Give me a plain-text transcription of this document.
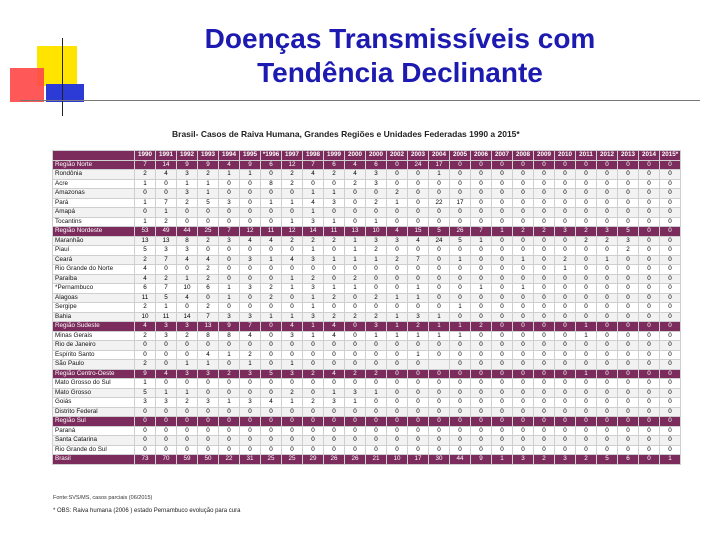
Doenças Transmissíveis com
Tendência Declinante
Brasil- Casos de Raiva Humana, Grandes Regiões e Unidades Federadas 1990 a 2015*
	1990	1991	1992	1993	1994	1995	*1996	1997	1998	1999	2000	2000	2002	2003	2004	2005	2006	2007	2008	2009	2010	2011	2012	2013	2014	2015*
Região Norte	7	14	9	9	4	9	6	12	7	6	4	6	0	24	17	0	0	0	0	0	0	0	0	0	0	0
Rondônia	2	4	3	2	1	1	0	2	4	2	4	3	0	0	1	0	0	0	0	0	0	0	0	0	0	0
Acre	1	0	1	1	0	0	8	2	0	0	2	3	0	0	0	0	0	0	0	0	0	0	0	0	0	0
Amazonas	0	0	3	1	0	0	0	0	1	1	0	0	2	0	0	0	0	0	0	0	0	0	0	0	0	0
Pará	1	7	2	5	3	0	1	1	4	3	0	2	1	0	22	17	0	0	0	0	0	0	0	0	0	0
Amapá	0	1	0	0	0	0	0	0	1	0	0	0	0	0	0	0	0	0	0	0	0	0	0	0	0	0
Tocantins	1	2	0	0	0	0	0	1	3	1	0	1	0	0	0	0	0	0	0	0	0	0	0	0	0	0
Região Nordeste	53	49	44	25	7	12	11	12	14	11	13	10	4	15	5	26	7	1	2	2	3	2	3	5	0	0
Maranhão	13	13	8	2	3	4	4	2	2	2	1	3	3	4	24	5	1	0	0	0	0	2	2	3	0	0
Piauí	5	3	3	0	0	0	0	0	1	0	1	2	0	0	0	0	0	0	0	0	0	0	0	2	0	0
Ceará	2	7	4	4	0	3	1	4	3	1	1	1	2	7	0	1	0	0	1	0	2	0	1	0	0	0
Rio Grande do Norte	4	0	0	2	0	0	0	0	0	0	0	0	0	0	0	0	0	0	0	0	1	0	0	0	0	0
Paraíba	4	2	1	2	0	0	0	1	2	0	2	0	0	0	0	0	0	0	0	0	0	0	0	0	0	0
*Pernambuco	6	7	10	6	1	3	2	1	3	1	1	0	0	1	0	0	1	0	1	0	0	0	0	0	0	0
Alagoas	11	5	4	0	1	0	2	0	1	2	0	2	1	1	0	0	0	0	0	0	0	0	0	0	0	0
Sergipe	2	1	0	2	0	0	0	0	1	0	0	0	0	0	0	1	0	0	0	0	0	0	0	0	0	0
Bahia	10	11	14	7	3	3	1	1	3	2	2	2	1	3	1	0	0	0	0	0	0	0	0	0	0	0
Região Sudeste	4	3	3	13	9	7	0	4	1	4	0	3	1	2	1	1	2	0	0	0	0	1	0	0	0	0
Minas Gerais	2	3	2	8	8	4	0	3	1	4	0	1	1	1	1	1	0	0	0	0	0	1	0	0	0	0
Rio de Janeiro	0	0	0	0	0	0	0	0	0	0	0	0	0	0	0	0	0	0	0	0	0	0	0	0	0	0
Espírito Santo	0	0	0	4	1	2	0	0	0	0	0	0	0	1	0	0	0	0	0	0	0	0	0	0	0	0
São Paulo	2	0	1	1	0	1	0	1	0	0	0	0	0	0		0	0	0	0	0	0	0	0	0	0	0
Região Centro-Oeste	9	4	3	3	2	3	5	3	2	4	2	2	0	0	0	0	0	0	0	0	0	1	0	0	0	0
Mato Grosso do Sul	1	0	0	0	0	0	0	0	0	0	0	0	0	0	0	0	0	0	0	0	0	0	0	0	0	0
Mato Grosso	5	1	1	0	0	0	0	2	0	1	3	1	0	0	0	0	0	0	0	0	0	0	0	0	0	0
Goiás	3	3	2	3	1	3	4	1	2	3	1	0	0	0	0	0	0	0	0	0	0	0	0	0	0	0
Distrito Federal	0	0	0	0	0	0	0	0	0	0	0	0	0	0	0	0	0	0	0	0	0	0	0	0	0	0
Região Sul	0	0	0	0	0	0	0	0	0	0	0	0	0	0	0	0	0	0	0	0	0	0	0	0	0	0
Paraná	0	0	0	0	0	0	0	0	0	0	0	0	0	0	0	0	0	0	0	0	0	0	0	0	0	0
Santa Catarina	0	0	0	0	0	0	0	0	0	0	0	0	0	0	0	0	0	0	0	0	0	0	0	0	0	0
Rio Grande do Sul	0	0	0	0	0	0	0	0	0	0	0	0	0	0	0	0	0	0	0	0	0	0	0	0	0	0
Brasil	73	70	59	50	22	31	25	25	29	26	26	21	10	17	30	44	9	1	3	2	3	2	5	6	0	1
Fonte:SVS/MS, casos parciais (06/2015)
* OBS: Raiva humana (2006 ) estado Pernambuco evolução para cura
